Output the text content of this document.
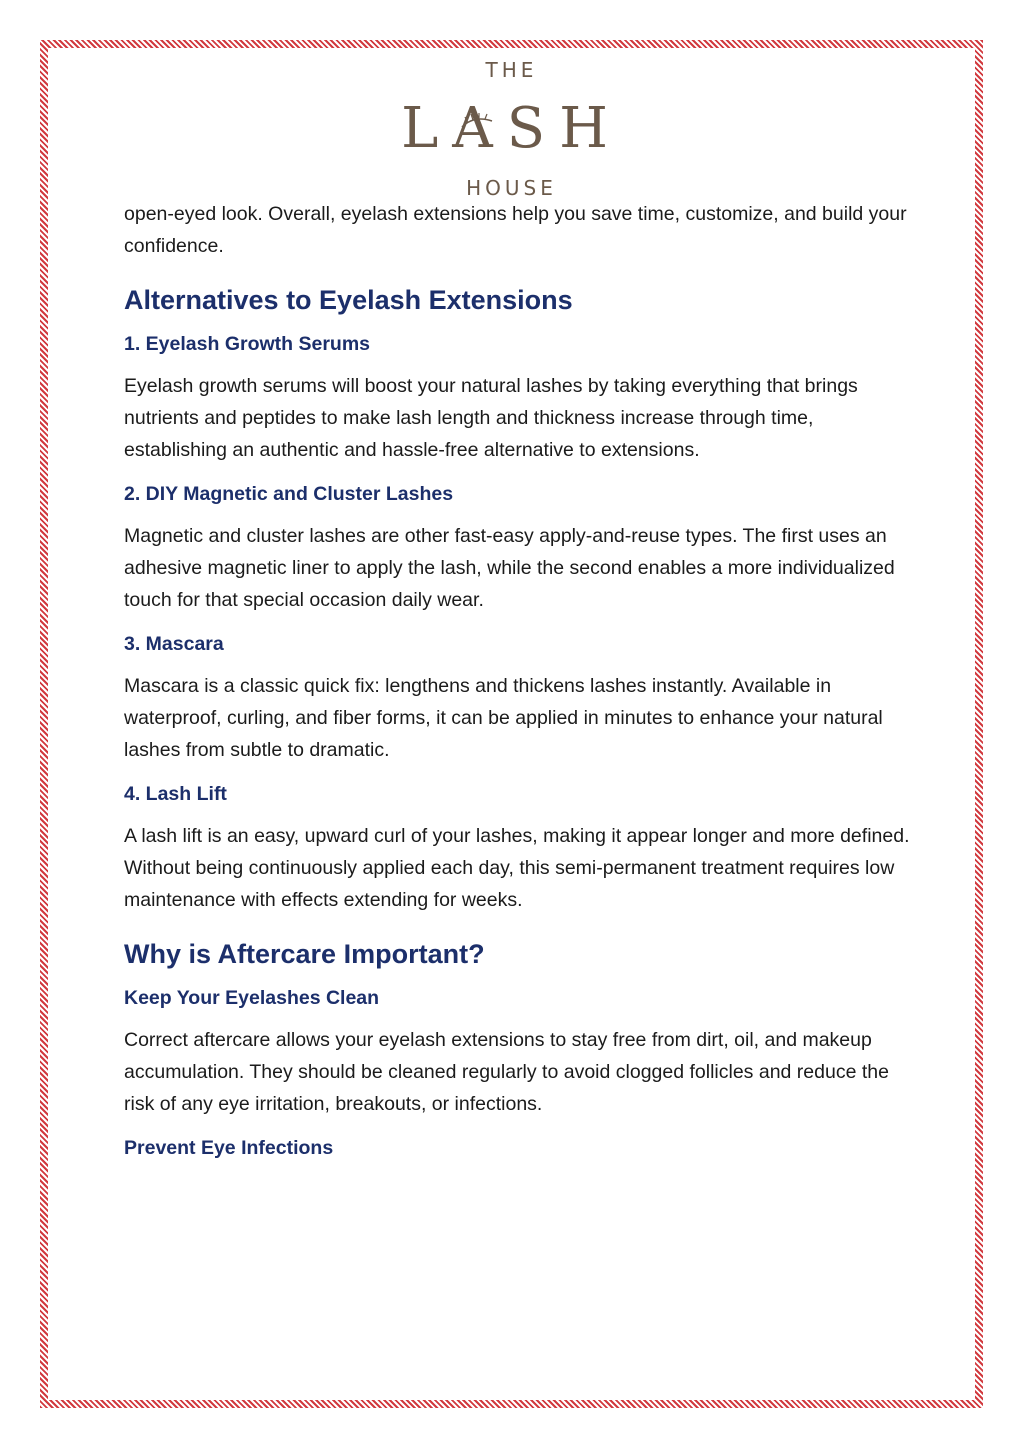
THE
LASH
HOUSE

open-eyed look. Overall, eyelash extensions help you save time, customize, and build your confidence.

Alternatives to Eyelash Extensions
1. Eyelash Growth Serums

Eyelash growth serums will boost your natural lashes by taking everything that brings nutrients and peptides to make lash length and thickness increase through time, establishing an authentic and hassle-free alternative to extensions.

2. DIY Magnetic and Cluster Lashes

Magnetic and cluster lashes are other fast-easy apply-and-reuse types. The first uses an adhesive magnetic liner to apply the lash, while the second enables a more individualized touch for that special occasion daily wear.

3. Mascara

Mascara is a classic quick fix: lengthens and thickens lashes instantly. Available in waterproof, curling, and fiber forms, it can be applied in minutes to enhance your natural lashes from subtle to dramatic.

4. Lash Lift

A lash lift is an easy, upward curl of your lashes, making it appear longer and more defined. Without being continuously applied each day, this semi-permanent treatment requires low maintenance with effects extending for weeks.

Why is Aftercare Important?
Keep Your Eyelashes Clean

Correct aftercare allows your eyelash extensions to stay free from dirt, oil, and makeup accumulation. They should be cleaned regularly to avoid clogged follicles and reduce the risk of any eye irritation, breakouts, or infections.

Prevent Eye Infections
